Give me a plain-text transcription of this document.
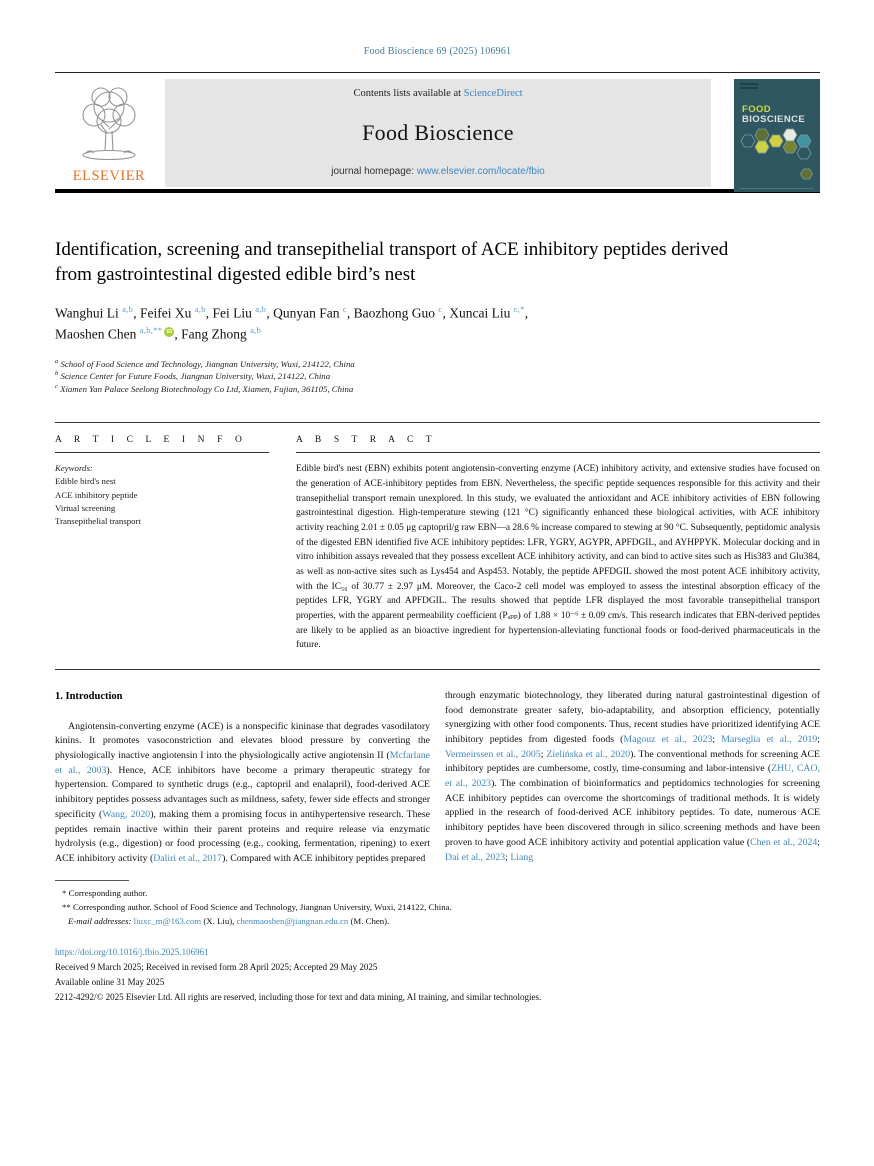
Food Bioscience 69 (2025) 106961
ELSEVIER
Contents lists available at ScienceDirect
Food Bioscience
journal homepage: www.elsevier.com/locate/fbio
FOOD
BIOSCIENCE
Identification, screening and transepithelial transport of ACE inhibitory peptides derived from gastrointestinal digested edible bird’s nest
Wanghui Li $^{a,b}$, Feifei Xu $^{a,b}$, Fei Liu $^{a,b}$, Qunyan Fan $^c$, Baozhong Guo $^c$, Xuncai Liu $^{c,*}$,
Maoshen Chen $^{a,b,**}$ iD , Fang Zhong $^{a,b}$
$^a$ School of Food Science and Technology, Jiangnan University, Wuxi, 214122, China
$^b$ Science Center for Future Foods, Jiangnan University, Wuxi, 214122, China
$^c$ Xiamen Yan Palace Seelong Biotechnology Co Ltd, Xiamen, Fujian, 361105, China
A R T I C L E I N F O
Keywords:
Edible bird's nest
ACE inhibitory peptide
Virtual screening
Transepithelial transport
A B S T R A C T
Edible bird's nest (EBN) exhibits potent angiotensin-converting enzyme (ACE) inhibitory activity, and extensive studies have focused on the generation of ACE-inhibitory peptides from EBN. Nevertheless, the specific peptide sequences responsible for this activity and their transepithelial transport remain unexplored. In this study, we evaluated the antioxidant and ACE inhibitory activities of EBN following gastrointestinal digestion. High-temperature stewing (121 °C) significantly enhanced these biological activities, with ACE inhibitory activity reaching 2.01 ± 0.05 μg captopril/g raw EBN—a 28.6 % increase compared to stewing at 90 °C. Subsequently, peptidomic analysis of the digested EBN identified five ACE inhibitory peptides: LFR, YGRY, AGYPR, APFDGIL, and AYHPPYK. Molecular docking and in vitro inhibition assays revealed that they possess excellent ACE inhibitory activity, and can bind to active sites such as His383 and Glu384, as well as non-active sites such as Lys454 and Asp453. Notably, the peptide APFDGIL showed the most potent ACE inhibitory activity, with the IC₅₀ of 30.77 ± 2.97 μM. Moreover, the Caco-2 cell model was employed to assess the intestinal absorption efficacy of the peptides LFR, YGRY and APFDGIL. The results showed that peptide LFR displayed the most favorable transepithelial transport properties, with the apparent permeability coefficient (Pₐₚₚ) of 1.88 × 10⁻⁶ ± 0.09 cm/s. This research indicates that EBN-derived peptides are likely to be applied as an bioactive ingredient for hypertension-alleviating functional foods or food-derived pharmaceuticals in the future.
1. Introduction
Angiotensin-converting enzyme (ACE) is a nonspecific kininase that degrades vasodilatory kinins. It promotes vasoconstriction and elevates blood pressure by converting the physiologically inactive angiotensin I into the physiologically active angiotensin II (Mcfarlane et al., 2003). Hence, ACE inhibitors have become a primary therapeutic strategy for hypertension. Compared to synthetic drugs (e.g., captopril and enalapril), food-derived ACE inhibitory peptides possess advantages such as mildness, safety, fewer side effects and stronger specificity (Wang, 2020), making them a promising focus in antihypertensive research. These peptides remain inactive within their parent proteins and require release via enzymatic hydrolysis (e.g., digestion) or food processing (e.g., cooking, fermentation, ripening) to exert ACE inhibitory activity (Daliri et al., 2017). Compared with ACE inhibitory peptides prepared
through enzymatic biotechnology, they liberated during natural gastrointestinal digestion of food demonstrate greater safety, bio-adaptability, and absorption efficiency, potentially synergizing with other food components. Thus, recent studies have prioritized identifying ACE inhibitory peptides from digested foods (Magouz et al., 2023; Marseglia et al., 2019; Vermeirssen et al., 2005; Zielińska et al., 2020). The conventional methods for screening ACE inhibitory peptides are cumbersome, costly, time-consuming and labor-intensive (ZHU, CAO, et al., 2023). The combination of bioinformatics and peptidomics technologies for screening ACE inhibitory peptides can overcome the shortcomings of traditional methods. It is widely applied in the research of food-derived ACE inhibitory peptides. To date, numerous ACE inhibitory peptides have been discovered through in silico screening methods and have been proven to have good ACE inhibitory activity and potential application value (Chen et al., 2024; Dai et al., 2023; Liang
* Corresponding author.
** Corresponding author. School of Food Science and Technology, Jiangnan University, Wuxi, 214122, China.
E-mail addresses: liuxc_m@163.com (X. Liu), chenmaoshen@jiangnan.edu.cn (M. Chen).
https://doi.org/10.1016/j.fbio.2025.106961
Received 9 March 2025; Received in revised form 28 April 2025; Accepted 29 May 2025
Available online 31 May 2025
2212-4292/© 2025 Elsevier Ltd. All rights are reserved, including those for text and data mining, AI training, and similar technologies.
